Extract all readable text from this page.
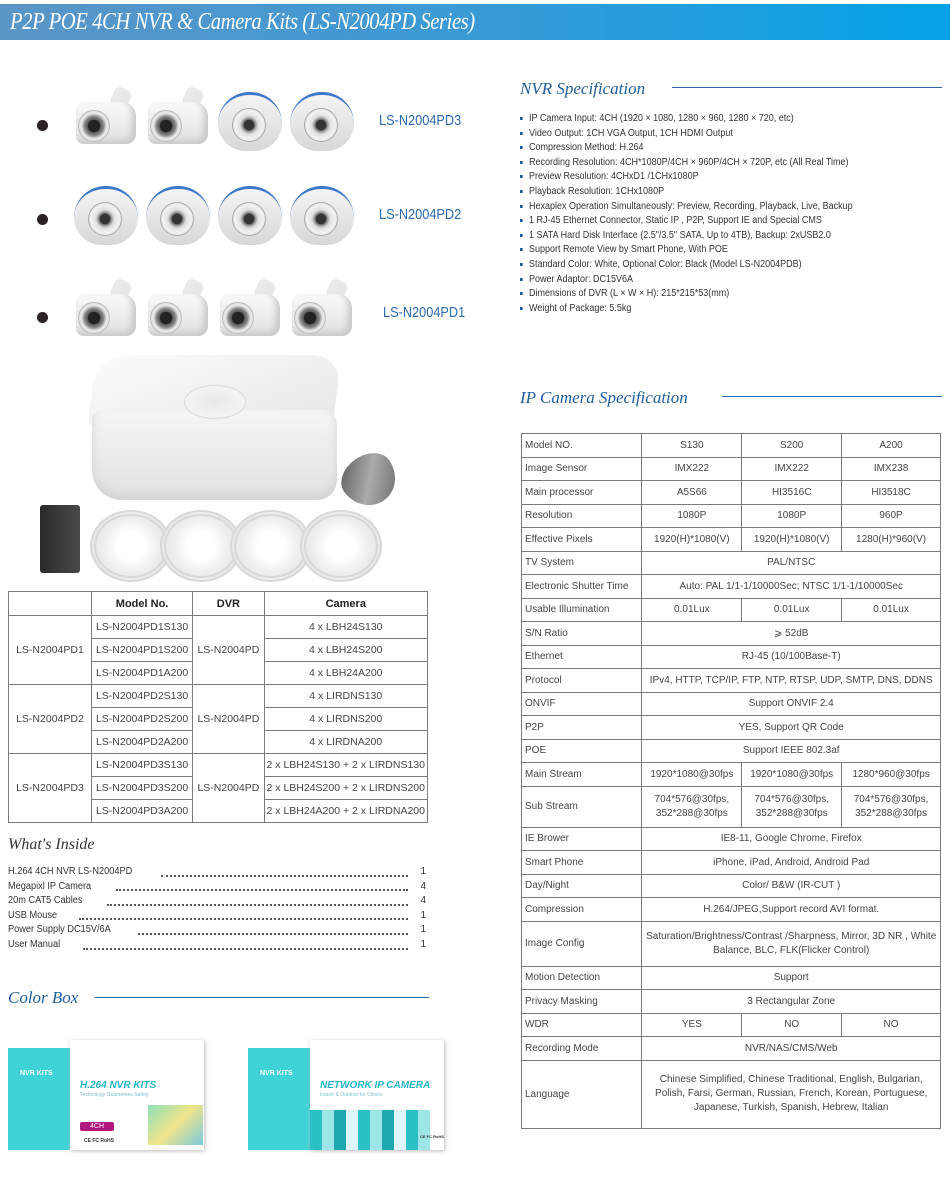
P2P POE 4CH NVR & Camera Kits (LS-N2004PD Series)
LS-N2004PD3
LS-N2004PD2
LS-N2004PD1
	Model No.	DVR	Camera
LS-N2004PD1	LS-N2004PD1S130	LS-N2004PD	4 x LBH24S130
	LS-N2004PD1S200		4 x LBH24S200
	LS-N2004PD1A200		4 x LBH24A200
LS-N2004PD2	LS-N2004PD2S130	LS-N2004PD	4 x LIRDNS130
	LS-N2004PD2S200		4 x LIRDNS200
	LS-N2004PD2A200		4 x LIRDNA200
LS-N2004PD3	LS-N2004PD3S130	LS-N2004PD	2 x LBH24S130 + 2 x LIRDNS130
	LS-N2004PD3S200		2 x LBH24S200 + 2 x LIRDNS200
	LS-N2004PD3A200		2 x LBH24A200 + 2 x LIRDNA200
What's Inside
H.264 4CH NVR LS-N2004PD	1
Megapixl IP Camera	4
20m CAT5 Cables	4
USB Mouse	1
Power Supply DC15V/6A	1
User Manual	1
Color Box
NVR KITS
H.264 NVR KITS
Technology Guarantees Safety
4CH
CE FC RoHS
NVR KITS
NETWORK IP CAMERA
Indoor & Outdoor for Choice
CE FC RoHS
NVR Specification
IP Camera Input: 4CH (1920 × 1080, 1280 × 960, 1280 × 720, etc)
Video Output: 1CH VGA Output, 1CH HDMI Output
Compression Method: H.264
Recording Resolution: 4CH*1080P/4CH × 960P/4CH × 720P, etc (All Real Time)
Preview Resolution: 4CHxD1 /1CHx1080P
Playback Resolution: 1CHx1080P
Hexaplex Operation Simultaneously: Preview, Recording, Playback, Live, Backup
1 RJ-45 Ethernet Connector, Static IP , P2P, Support IE and Special CMS
1 SATA Hard Disk Interface (2.5"/3.5" SATA, Up to 4TB), Backup: 2xUSB2.0
Support Remote View by Smart Phone, With POE
Standard Color: White, Optional Color: Black (Model LS-N2004PDB)
Power Adaptor: DC15V6A
Dimensions of DVR (L × W × H): 215*215*53(mm)
Weight of Package: 5.5kg
IP Camera Specification
Model NO.	S130	S200	A200
Image Sensor	IMX222	IMX222	IMX238
Main processor	A5S66	HI3516C	HI3518C
Resolution	1080P	1080P	960P
Effective Pixels	1920(H)*1080(V)	1920(H)*1080(V)	1280(H)*960(V)
TV System	PAL/NTSC		
Electronic Shutter Time	Auto: PAL 1/1-1/10000Sec; NTSC 1/1-1/10000Sec		
Usable Illumination	0.01Lux	0.01Lux	0.01Lux
S/N Ratio	⩾ 52dB		
Ethernet	RJ-45 (10/100Base-T)		
Protocol	IPv4, HTTP, TCP/IP, FTP, NTP, RTSP, UDP, SMTP, DNS, DDNS		
ONVIF	Support ONVIF 2.4		
P2P	YES, Support QR Code		
POE	Support IEEE 802.3af		
Main Stream	1920*1080@30fps	1920*1080@30fps	1280*960@30fps
Sub Stream	704*576@30fps, 352*288@30fps	704*576@30fps, 352*288@30fps	704*576@30fps, 352*288@30fps
IE Brower	IE8-11, Google Chrome, Firefox		
Smart Phone	iPhone, iPad, Android, Android Pad		
Day/Night	Color/ B&W (IR-CUT )		
Compression	H.264/JPEG,Support record AVI format.		
Image Config	Saturation/Brightness/Contrast /Sharpness, Mirror, 3D NR , White Balance, BLC, FLK(Flicker Control)		
Motion Detection	Support		
Privacy Masking	3 Rectangular Zone		
WDR	YES	NO	NO
Recording Mode	NVR/NAS/CMS/Web		
Language	Chinese Simplified, Chinese Traditional, English, Bulgarian, Polish, Farsi, German, Russian, French, Korean, Portuguese, Japanese, Turkish, Spanish, Hebrew, Italian		
